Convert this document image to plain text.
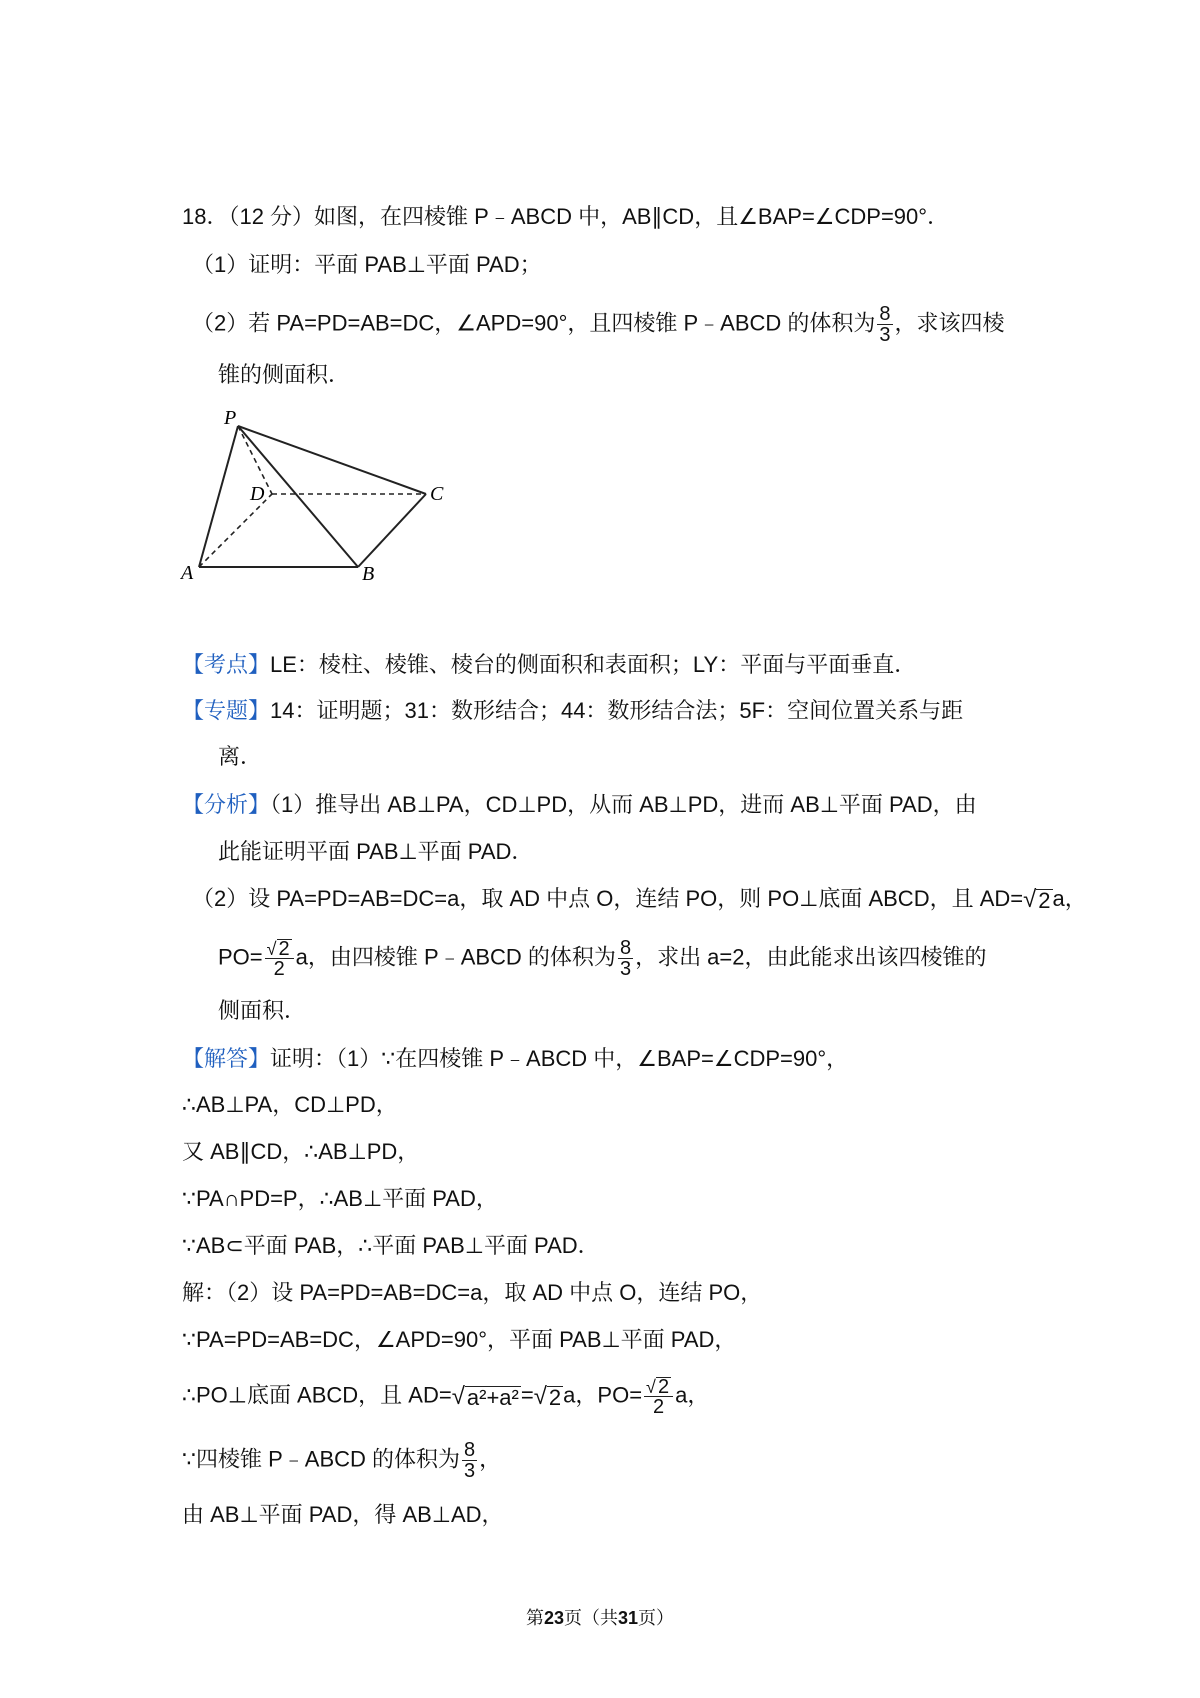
18．（12 分）如图，在四棱锥 P﹣ABCD 中，AB∥CD，且∠BAP=∠CDP=90°．
（1）证明：平面 PAB⊥平面 PAD；
（2）若 PA=PD=AB=DC，∠APD=90°，且四棱锥 P﹣ABCD 的体积为 $\frac{8}{3}$ ，求该四棱
锥的侧面积．
P
D	C
A	B
【考点】LE：棱柱、棱锥、棱台的侧面积和表面积；LY：平面与平面垂直．
【专题】14：证明题；31：数形结合；44：数形结合法；5F：空间位置关系与距
离．
【分析】（1）推导出 AB⊥PA，CD⊥PD，从而 AB⊥PD，进而 AB⊥平面 PAD，由
此能证明平面 PAB⊥平面 PAD．
（2）设 PA=PD=AB=DC=a，取 AD 中点 O，连结 PO，则 PO⊥底面 ABCD，且 AD= √ 2 a，
$PO= \frac{√ 2}{2}$ a，由四棱锥 P﹣ABCD 的体积为 $\frac{8}{3}$ ，求出 a=2，由此能求出该四棱锥的
侧面积．
【解答】证明：（1）∵在四棱锥 P﹣ABCD 中，∠BAP=∠CDP=90°，
∴AB⊥PA，CD⊥PD，
又 AB∥CD，∴AB⊥PD，
∵PA∩PD=P，∴AB⊥平面 PAD，
∵AB⊂平面 PAB，∴平面 PAB⊥平面 PAD．
解：（2）设 PA=PD=AB=DC=a，取 AD 中点 O，连结 PO，
∵PA=PD=AB=DC，∠APD=90°，平面 PAB⊥平面 PAD，
∴PO⊥底面 ABCD，且 AD= √ a²+a² = √ 2 a，$PO= \frac{√ 2}{2}$ a，
∵四棱锥 P﹣ABCD 的体积为 $\frac{8}{3}$ ，
由 AB⊥平面 PAD，得 AB⊥AD，
第23页（共31页）
